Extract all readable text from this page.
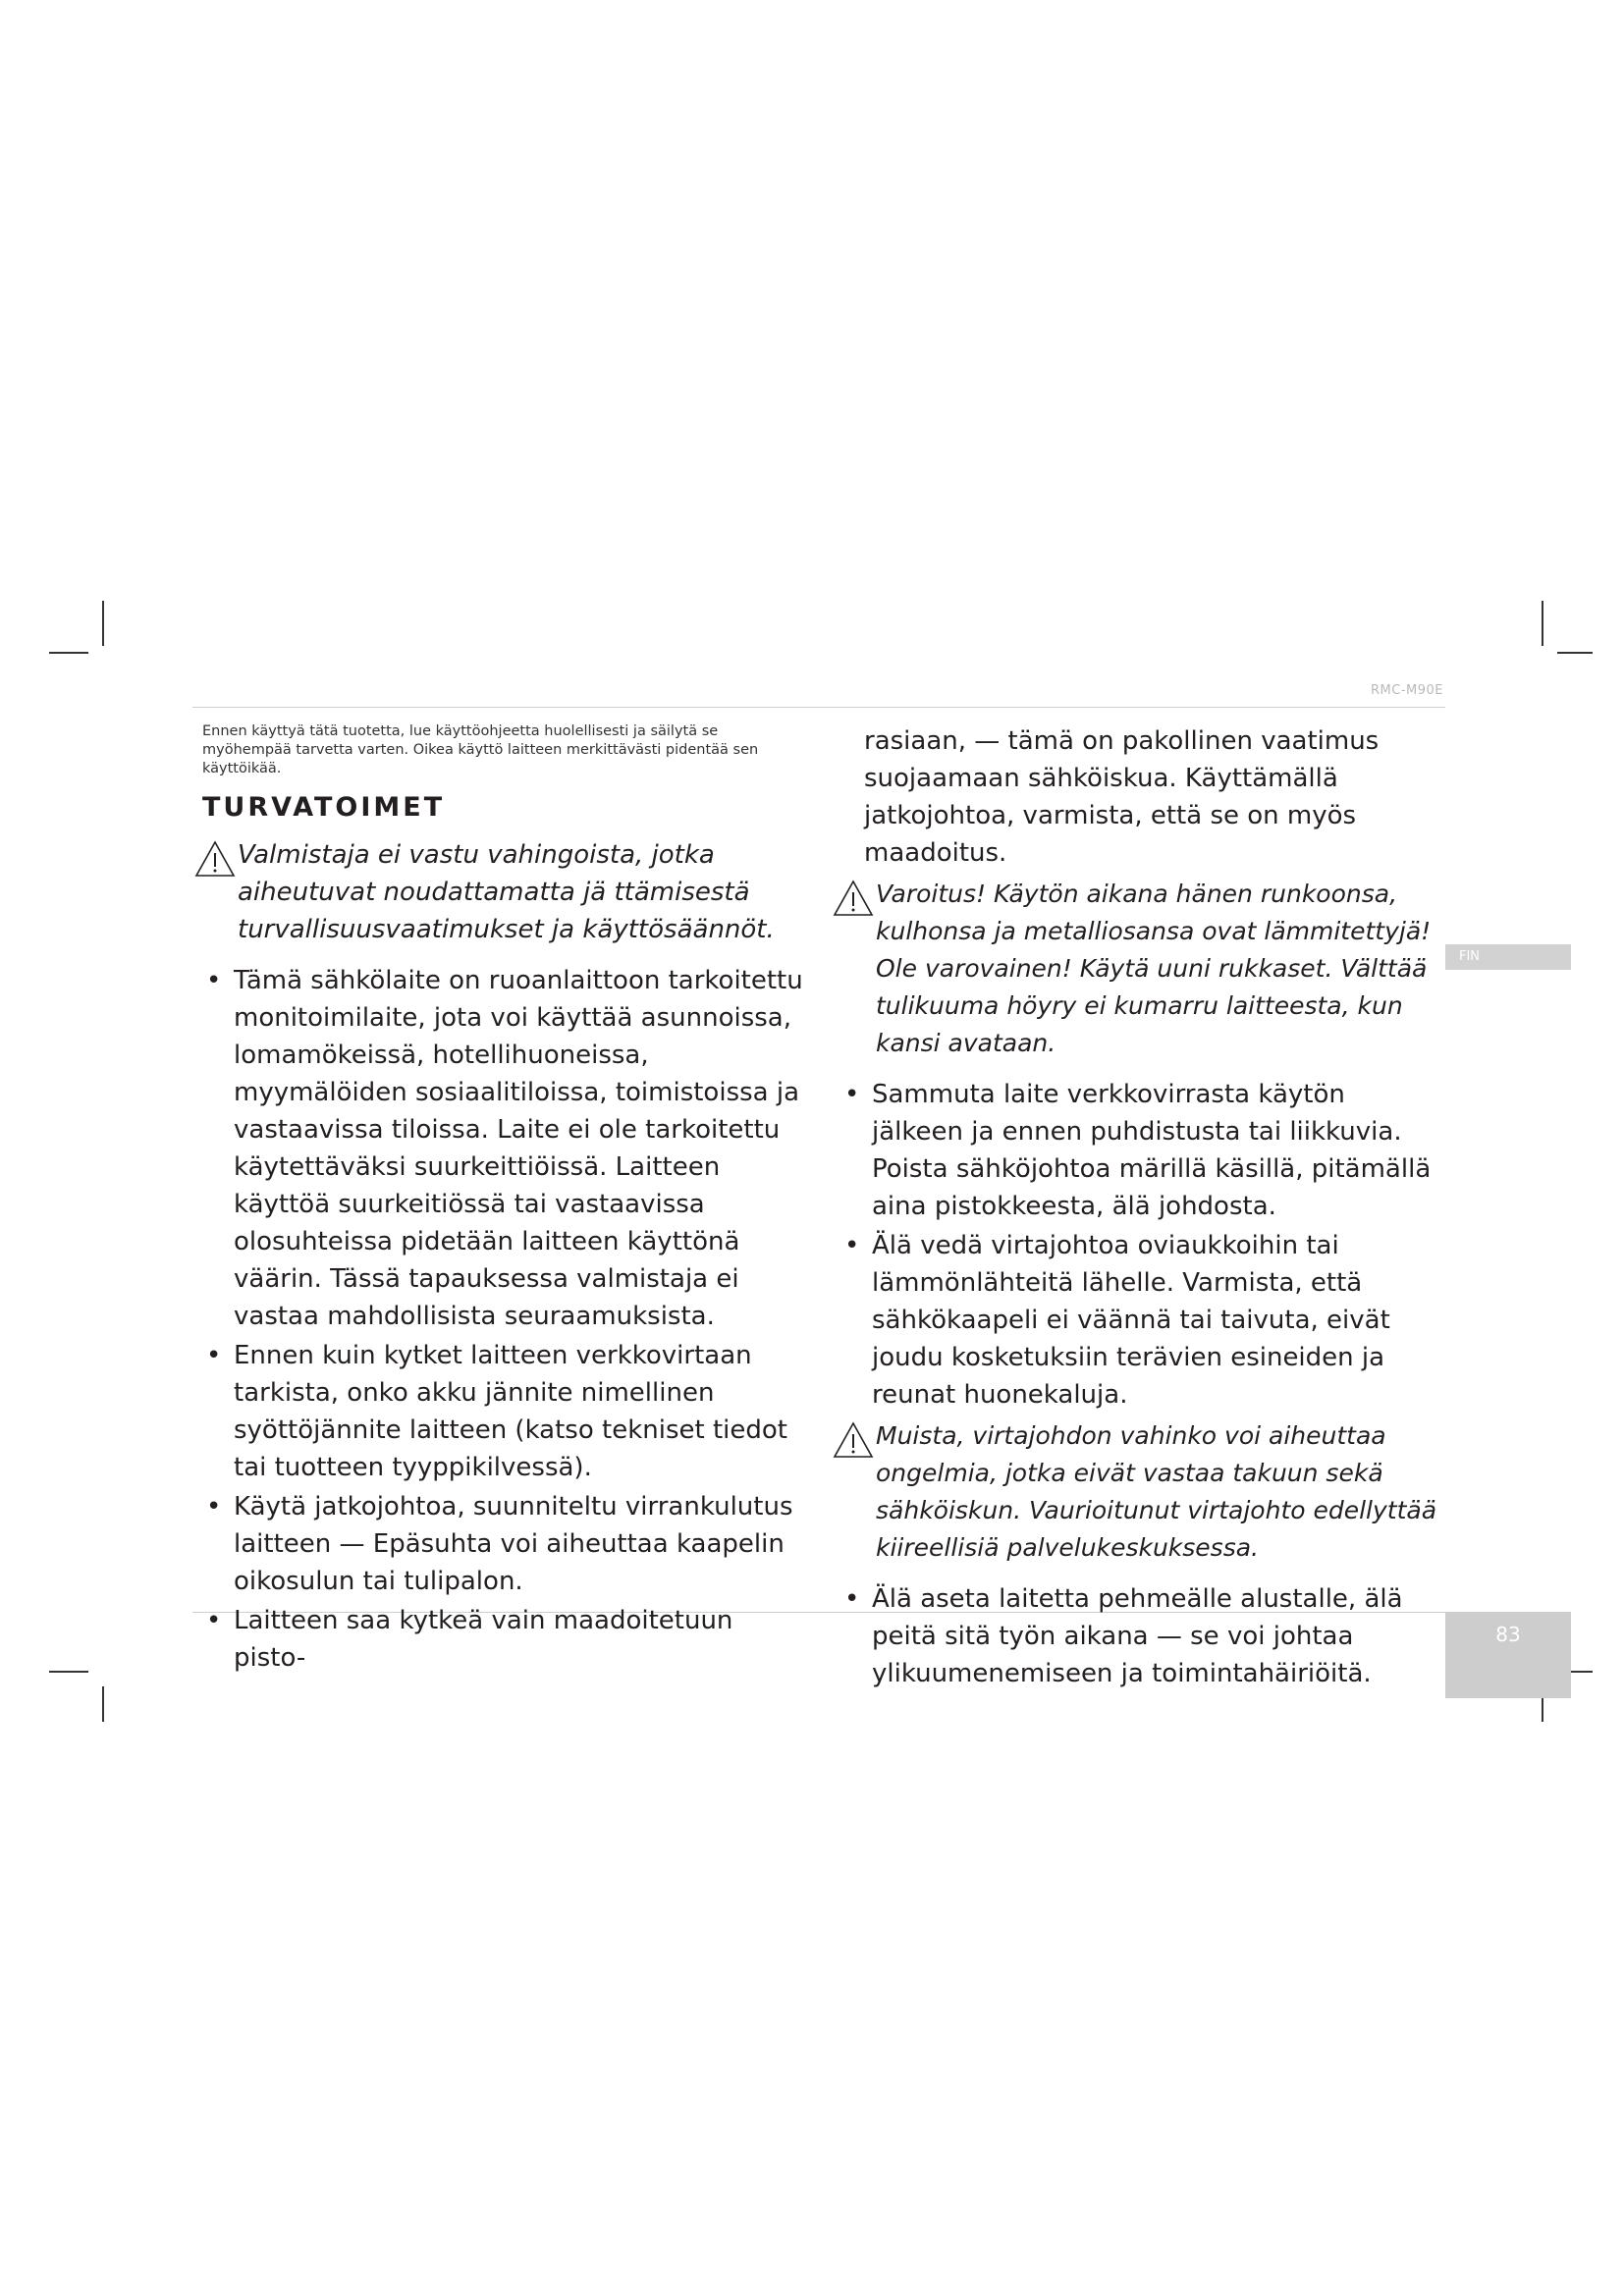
RMC-M90E
FIN
83

Ennen käyttyä tätä tuotetta, lue käyttöohjeetta huolellisesti ja säilytä se myöhempää tarvetta varten. Oikea käyttö laitteen merkittävästi pidentää sen käyttöikää.

TURVATOIMET
Valmistaja ei vastu vahingoista, jotka aiheutuvat noudattamatta jä ttämisestä turvallisuusvaatimukset ja käyttösäännöt.
• Tämä sähkölaite on ruoanlaittoon tarkoitettu monitoimilaite, jota voi käyttää asunnoissa, lomamökeissä, hotellihuoneissa, myymälöiden sosiaalitiloissa, toimistoissa ja vastaavissa tiloissa. Laite ei ole tarkoitettu käytettäväksi suurkeittiöissä. Laitteen käyttöä suurkeitiössä tai vastaavissa olosuhteissa pidetään laitteen käyttönä väärin. Tässä tapauksessa valmistaja ei vastaa mahdollisista seuraamuksista.
• Ennen kuin kytket laitteen verkkovirtaan tarkista, onko akku jännite nimellinen syöttöjännite laitteen (katso tekniset tiedot tai tuotteen tyyppikilvessä).
• Käytä jatkojohtoa, suunniteltu virrankulutus laitteen — Epäsuhta voi aiheuttaa kaapelin oikosulun tai tulipalon.
• Laitteen saa kytkeä vain maadoitetuun pisto-

rasiaan, — tämä on pakollinen vaatimus suojaamaan sähköiskua. Käyttämällä jatkojohtoa, varmista, että se on myös maadoitus.

Varoitus! Käytön aikana hänen runkoonsa, kulhonsa ja metalliosansa ovat lämmitettyjä! Ole varovainen! Käytä uuni rukkaset. Välttää tulikuuma höyry ei kumarru laitteesta, kun kansi avataan.
• Sammuta laite verkkovirrasta käytön jälkeen ja ennen puhdistusta tai liikkuvia. Poista sähköjohtoa märillä käsillä, pitämällä aina pistokkeesta, älä johdosta.
• Älä vedä virtajohtoa oviaukkoihin tai lämmönlähteitä lähelle. Varmista, että sähkökaapeli ei väännä tai taivuta, eivät joudu kosketuksiin terävien esineiden ja reunat huonekaluja.
Muista, virtajohdon vahinko voi aiheuttaa ongelmia, jotka eivät vastaa takuun sekä sähköiskun. Vaurioitunut virtajohto edellyttää kiireellisiä palvelukeskuksessa.
• Älä aseta laitetta pehmeälle alustalle, älä peitä sitä työn aikana — se voi johtaa ylikuumenemiseen ja toimintahäiriöitä.
